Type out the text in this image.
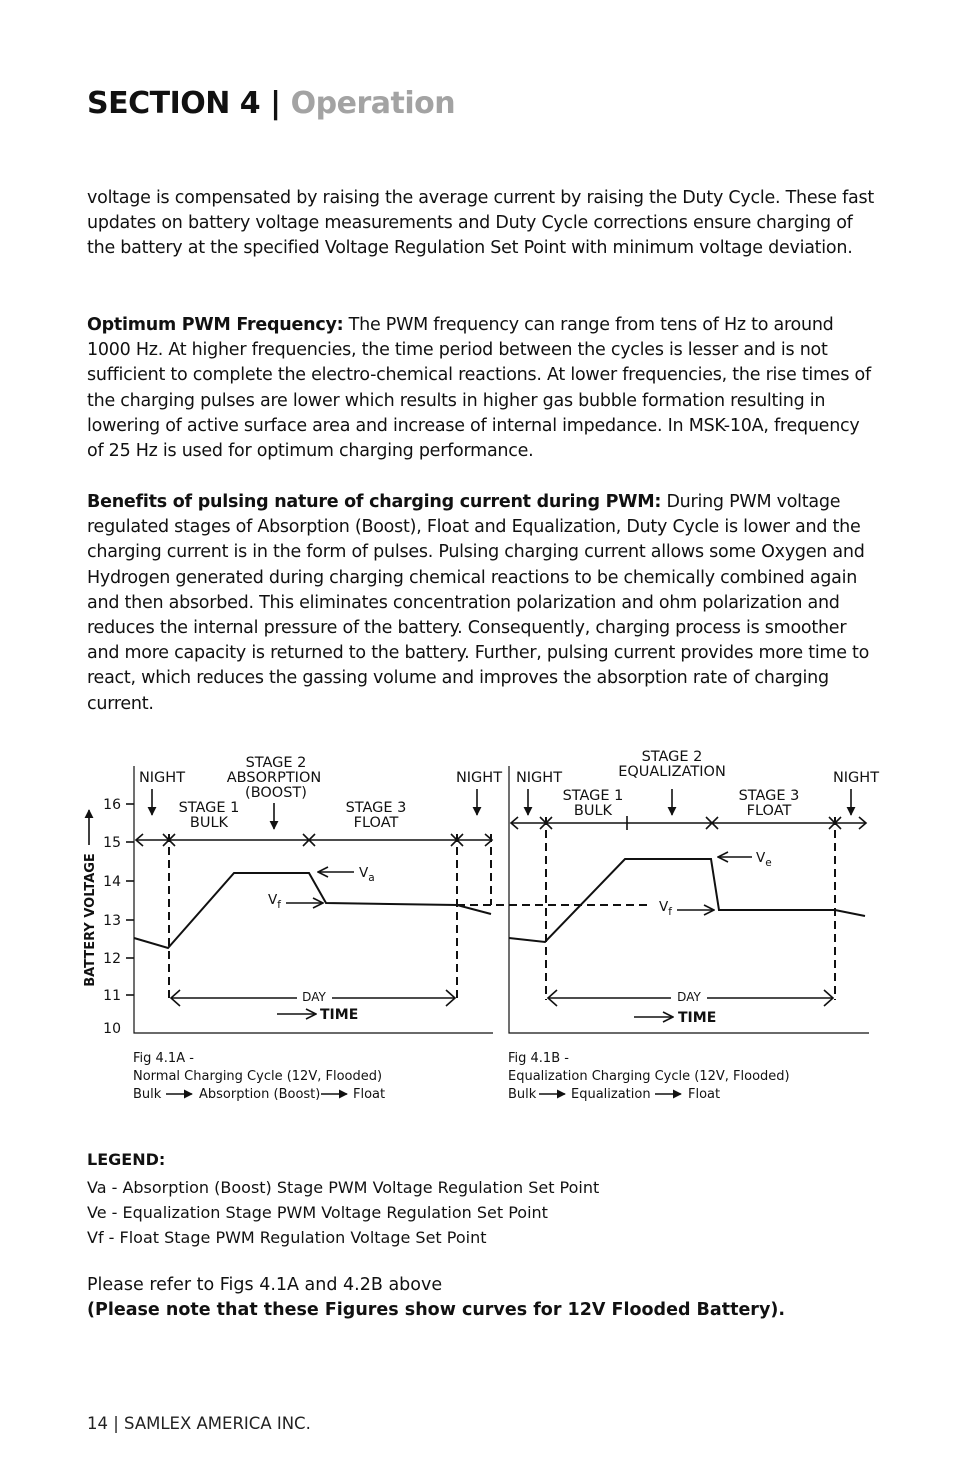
SECTION 4 | Operation

voltage is compensated by raising the average current by raising the Duty Cycle. These fast updates on battery voltage measurements and Duty Cycle corrections ensure charging of the battery at the specified Voltage Regulation Set Point with minimum voltage deviation.

Optimum PWM Frequency: The PWM frequency can range from tens of Hz to around 1000 Hz. At higher frequencies, the time period between the cycles is lesser and is not sufficient to complete the electro-chemical reactions. At lower frequencies, the rise times of the charging pulses are lower which results in higher gas bubble formation resulting in lowering of active surface area and increase of internal impedance. In MSK-10A, frequency of 25 Hz is used for optimum charging performance.

Benefits of pulsing nature of charging current during PWM: During PWM voltage regulated stages of Absorption (Boost), Float and Equalization, Duty Cycle is lower and the charging current is in the form of pulses. Pulsing charging current allows some Oxygen and Hydrogen generated during charging chemical reactions to be chemically combined again and then absorbed. This eliminates concentration polarization and ohm polarization and reduces the internal pressure of the battery. Consequently, charging process is smoother and more capacity is returned to the battery. Further, pulsing current provides more time to react, which reduces the gassing volume and improves the absorption rate of charging current.

BATTERY VOLTAGE
16
15
14
13
12
11
10
NIGHT	NIGHT
STAGE 2
ABSORPTION
(BOOST)
STAGE 1
BULK
STAGE 3
FLOAT
$V_a$
$V_f$
DAY
TIME
Fig 4.1A -
Normal Charging Cycle (12V, Flooded)
Bulk	Absorption (Boost)	Float
NIGHT	NIGHT
STAGE 2
EQUALIZATION
STAGE 1
BULK
STAGE 3
FLOAT
$V_e$
$V_f$
DAY
TIME
Fig 4.1B -
Equalization Charging Cycle (12V, Flooded)
Bulk	Equalization	Float

LEGEND:

Va - Absorption (Boost) Stage PWM Voltage Regulation Set Point
Ve - Equalization Stage PWM Voltage Regulation Set Point
Vf - Float Stage PWM Regulation Voltage Set Point

Please refer to Figs 4.1A and 4.2B above

(Please note that these Figures show curves for 12V Flooded Battery).

14 | SAMLEX AMERICA INC.
